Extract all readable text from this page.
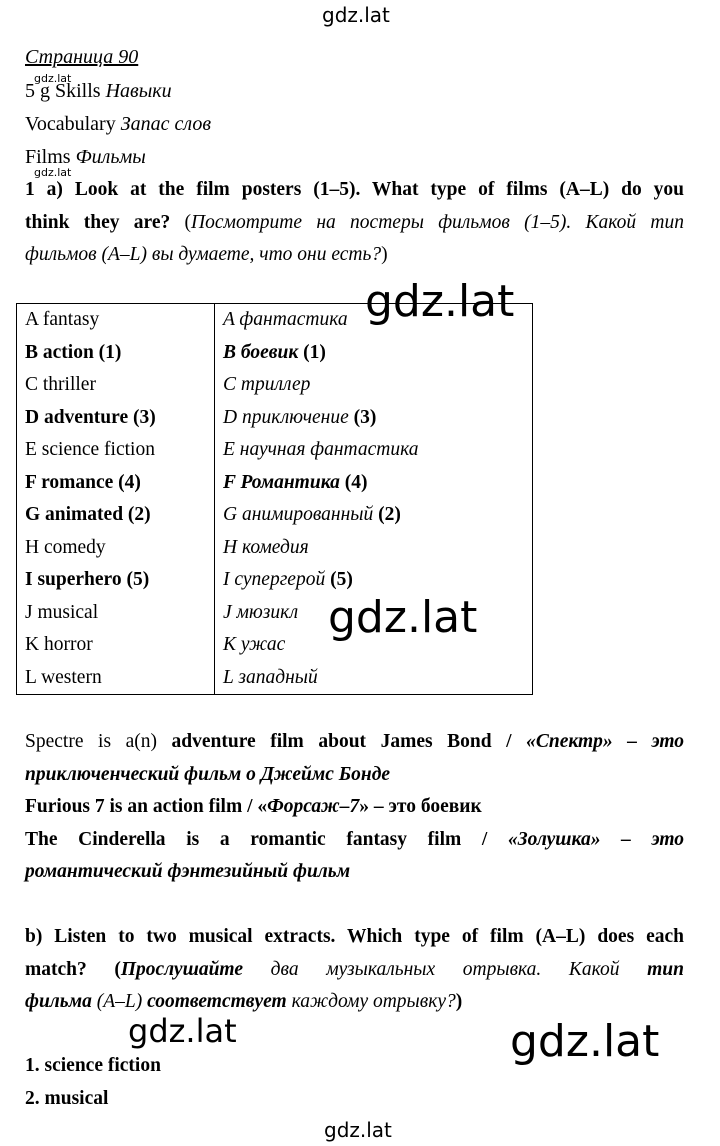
gdz.lat
gdz.lat
gdz.lat
gdz.lat
gdz.lat
gdz.lat
gdz.lat
gdz.lat
Страница 90
5 g Skills Навыки
Vocabulary Запас слов
Films Фильмы
1 a) Look at the film posters (1–5). What type of films (A–L) do you
think they are? (Посмотрите на постеры фильмов (1–5). Какой тип
фильмов (A–L) вы думаете, что они есть?)
A fantasy	A фантастика
B action (1)	B боевик (1)
C thriller	C триллер
D adventure (3)	D приключение (3)
E science fiction	E научная фантастика
F romance (4)	F Романтика (4)
G animated (2)	G анимированный (2)
H comedy	H комедия
I superhero (5)	I супергерой (5)
J musical	J мюзикл
K horror	K ужас
L western	L западный
Spectre is a(n) adventure film about James Bond / «Спектр» – это
приключенческий фильм о Джеймс Бонде
Furious 7 is an action film / «Форсаж–7» – это боевик
The Cinderella is a romantic fantasy film / «Золушка» – это
романтический фэнтезийный фильм
b) Listen to two musical extracts. Which type of film (A–L) does each
match? (Прослушайте два музыкальных отрывка. Какой тип
фильма (A–L) соответствует каждому отрывку?)
1. science fiction
2. musical
